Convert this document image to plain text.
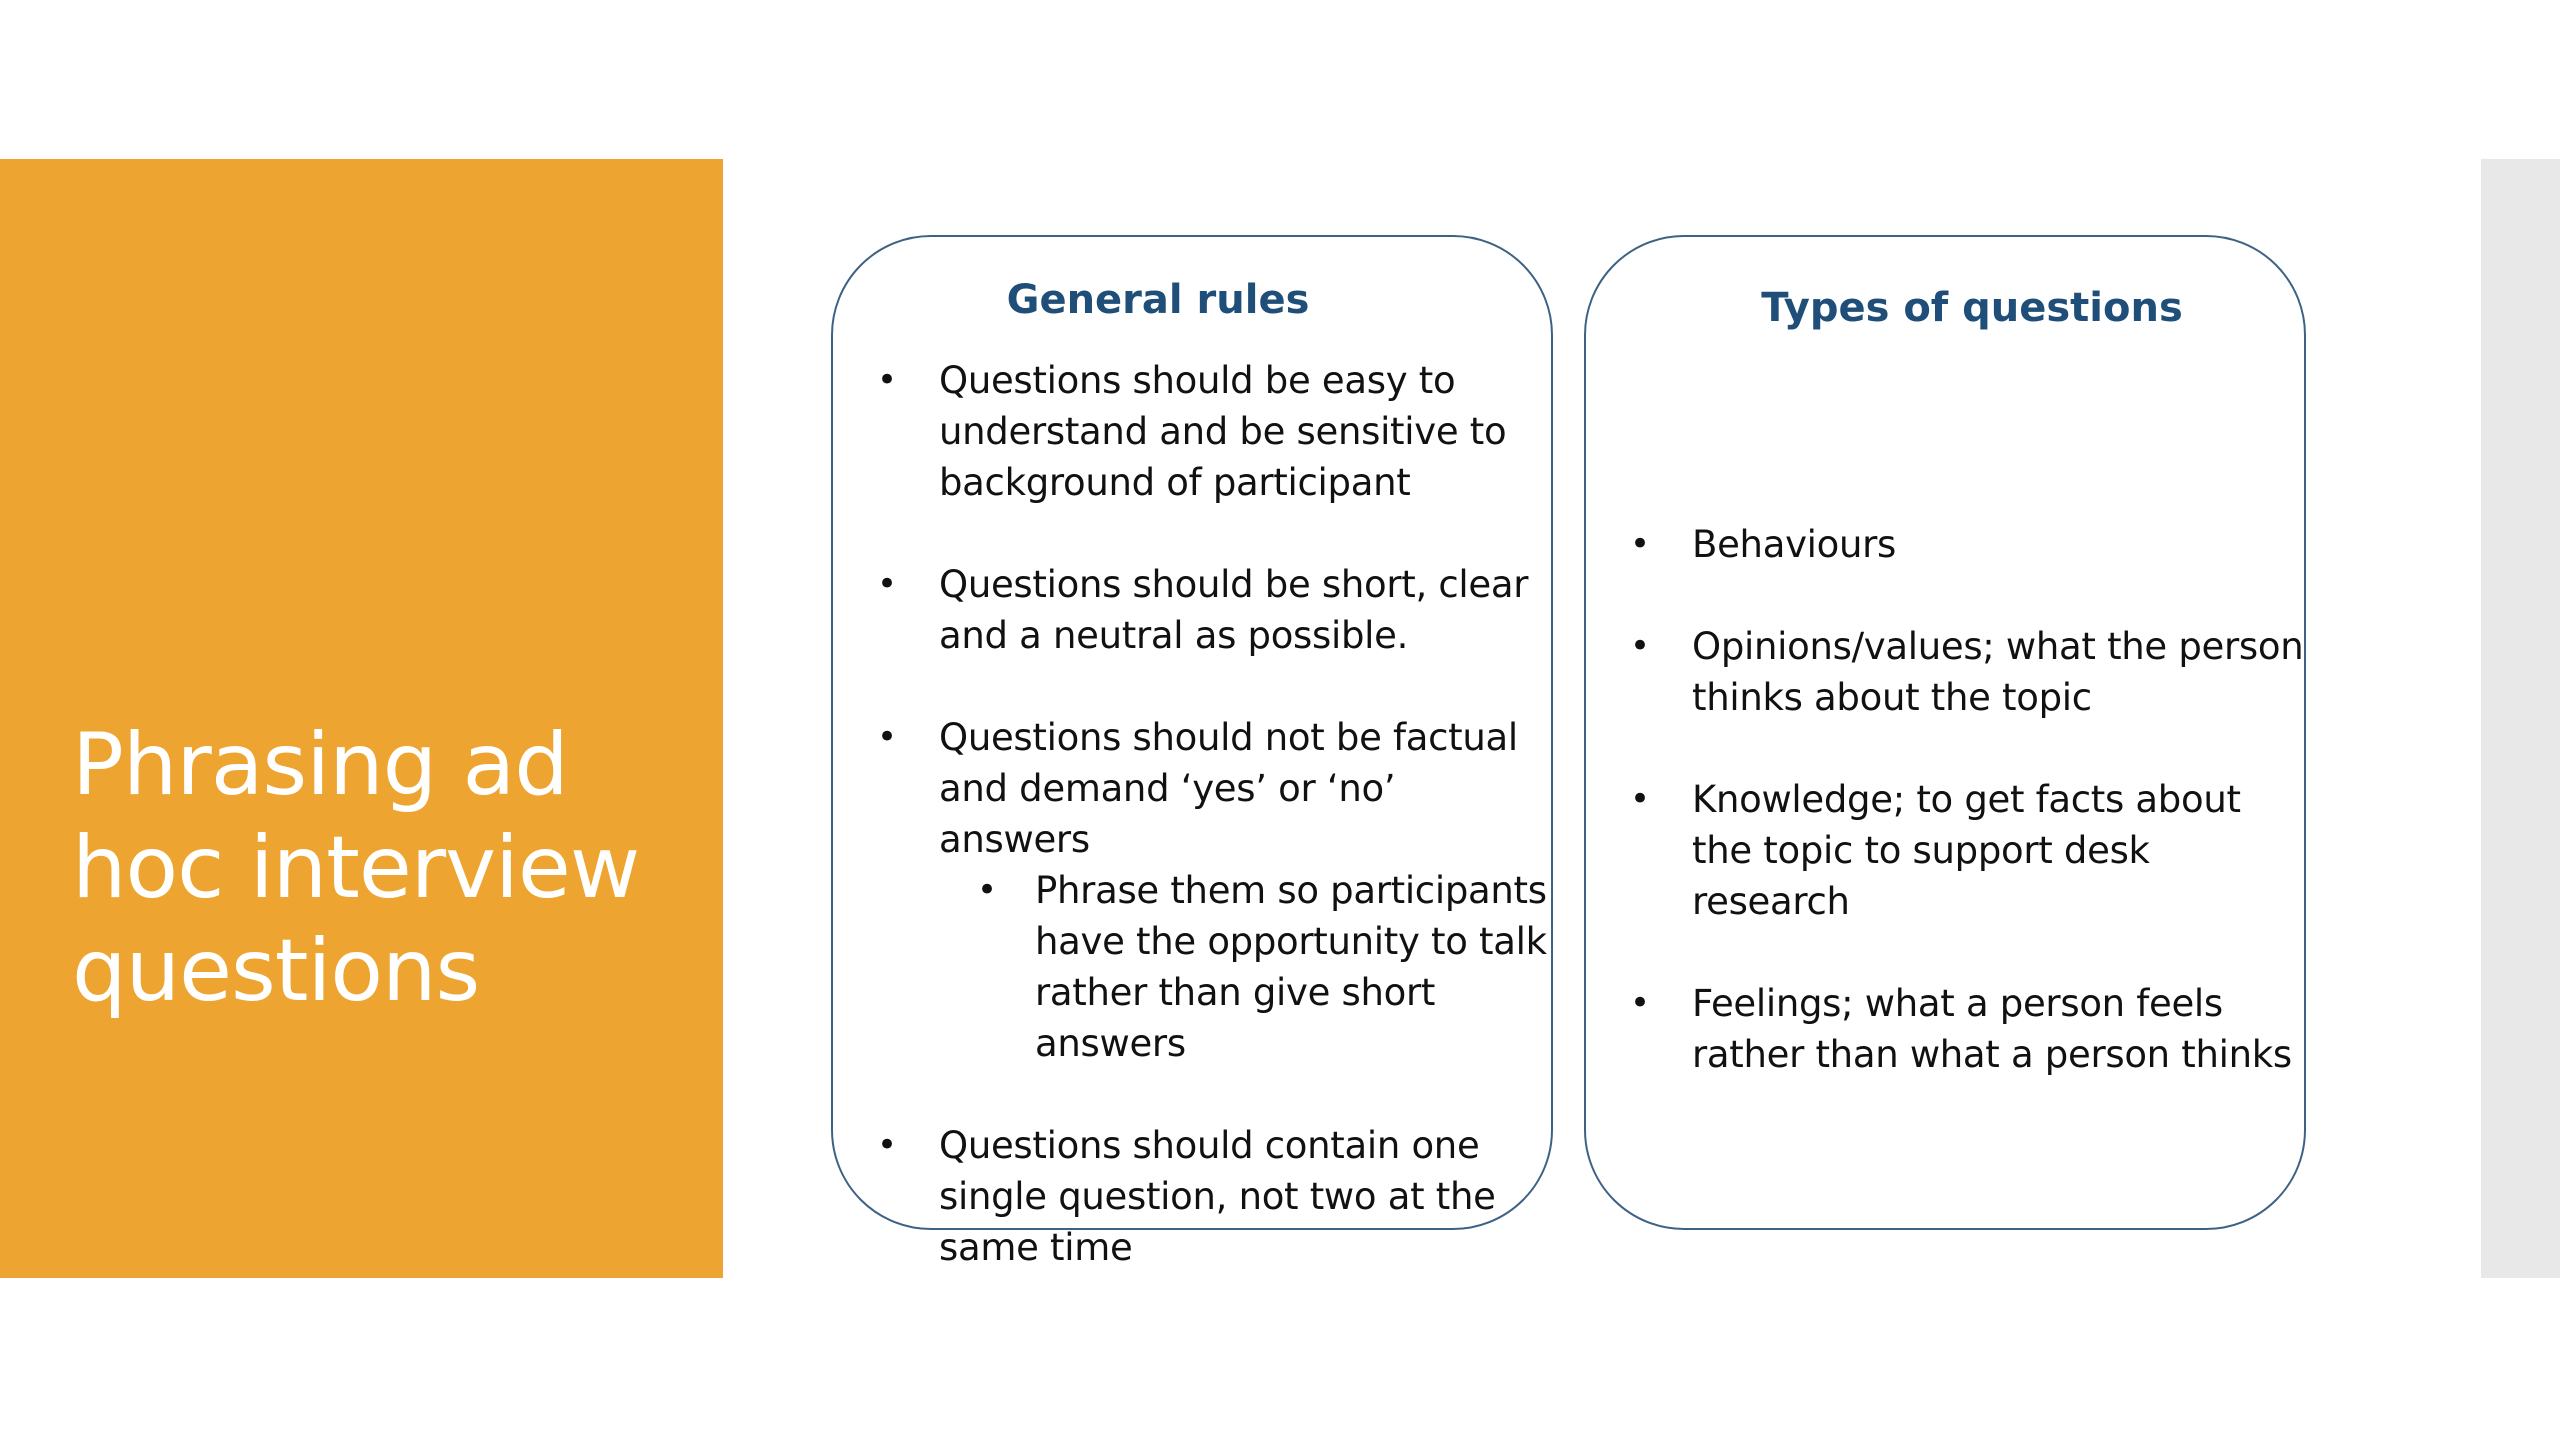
Phrasing ad hoc interview questions
General rules
• Questions should be easy to understand and be sensitive to background of participant
• Questions should be short, clear and a neutral as possible.
• Questions should not be factual and demand ‘yes’ or ‘no’ answers
• Phrase them so participants have the opportunity to talk rather than give short answers
• Questions should contain one single question, not two at the same time
Types of questions
• Behaviours
• Opinions/values; what the person thinks about the topic
• Knowledge; to get facts about the topic to support desk research
• Feelings; what a person feels rather than what a person thinks
